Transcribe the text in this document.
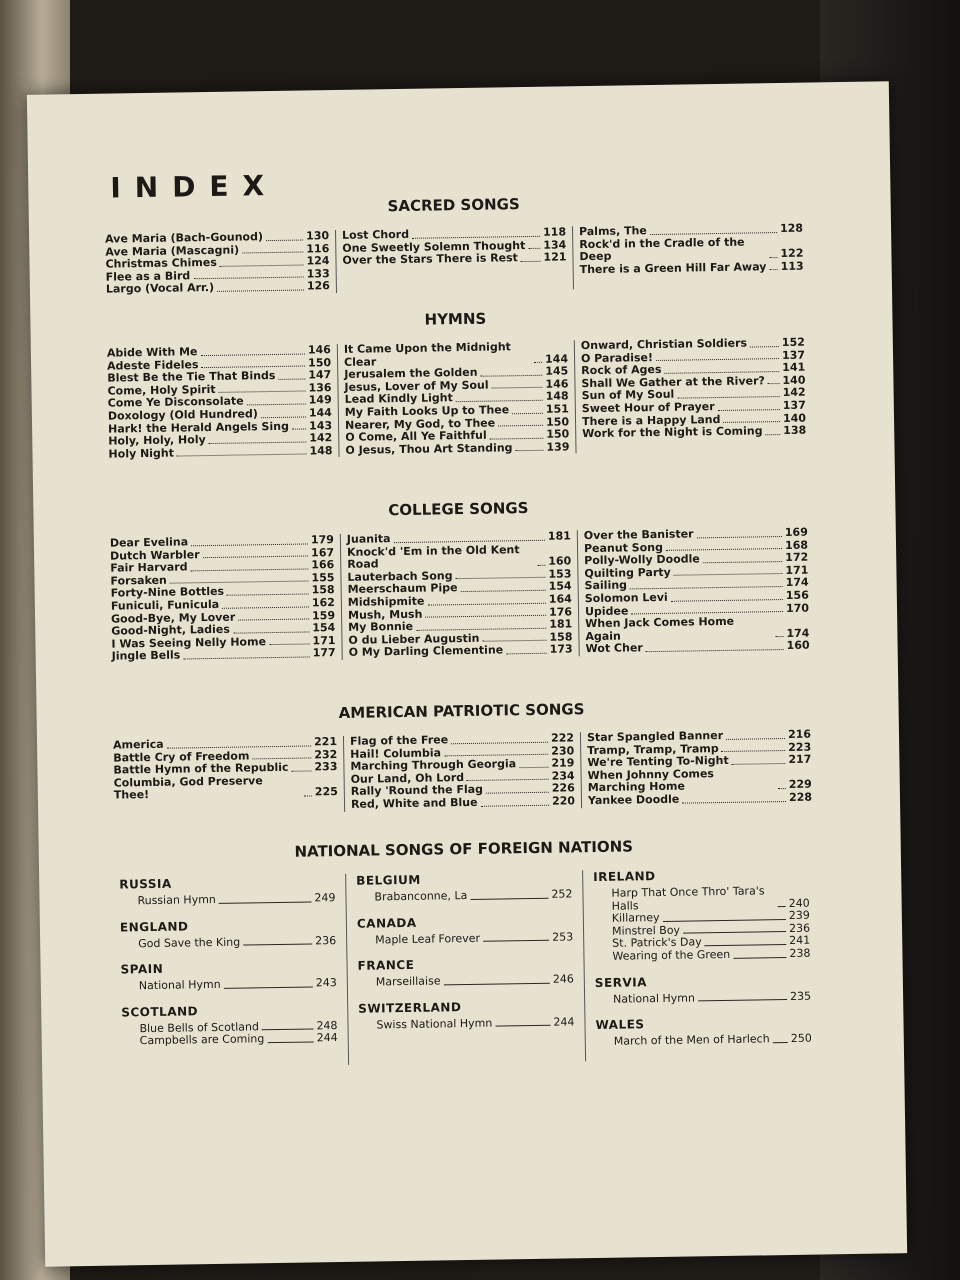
INDEX
SACRED SONGS
Ave Maria (Bach-Gounod)	130
Ave Maria (Mascagni)	116
Christmas Chimes	124
Flee as a Bird	133
Largo (Vocal Arr.)	126
Lost Chord	118
One Sweetly Solemn Thought 134
Over the Stars There is Rest 121
Palms, The	128
Rock'd in the Cradle of the Deep	122
There is a Green Hill Far Away 113
HYMNS
Abide With Me	146
Adeste Fideles	150
Blest Be the Tie That Binds	147
Come, Holy Spirit	136
Come Ye Disconsolate	149
Doxology (Old Hundred)	144
Hark! the Herald Angels Sing 143
Holy, Holy, Holy	142
Holy Night	148
It Came Upon the Midnight Clear	144
Jerusalem the Golden	145
Jesus, Lover of My Soul	146
Lead Kindly Light	148
My Faith Looks Up to Thee	151
Nearer, My God, to Thee	150
O Come, All Ye Faithful	150
O Jesus, Thou Art Standing	139
Onward, Christian Soldiers	152
O Paradise!	137
Rock of Ages	141
Shall We Gather at the River? 140
Sun of My Soul	142
Sweet Hour of Prayer	137
There is a Happy Land	140
Work for the Night is Coming 138
COLLEGE SONGS
Dear Evelina	179
Dutch Warbler	167
Fair Harvard	166
Forsaken	155
Forty-Nine Bottles	158
Funiculi, Funicula	162
Good-Bye, My Lover	159
Good-Night, Ladies	154
I Was Seeing Nelly Home	171
Jingle Bells	177
Juanita	181
Knock'd 'Em in the Old Kent Road	160
Lauterbach Song	153
Meerschaum Pipe	154
Midshipmite	164
Mush, Mush	176
My Bonnie	181
O du Lieber Augustin	158
O My Darling Clementine	173
Over the Banister	169
Peanut Song	168
Polly-Wolly Doodle	172
Quilting Party	171
Sailing	174
Solomon Levi	156
Upidee	170
When Jack Comes Home Again	174
Wot Cher	160
AMERICAN PATRIOTIC SONGS
America	221
Battle Cry of Freedom	232
Battle Hymn of the Republic 233
Columbia, God Preserve Thee!	225
Flag of the Free	222
Hail! Columbia	230
Marching Through Georgia	219
Our Land, Oh Lord	234
Rally 'Round the Flag	226
Red, White and Blue	220
Star Spangled Banner	216
Tramp, Tramp, Tramp	223
We're Tenting To-Night	217
When Johnny Comes Marching Home	229
Yankee Doodle	228
NATIONAL SONGS OF FOREIGN NATIONS
RUSSIA
Russian Hymn	249
ENGLAND
God Save the King	236
SPAIN
National Hymn	243
SCOTLAND
Blue Bells of Scotland	248
Campbells are Coming	244
BELGIUM
Brabanconne, La	252
CANADA
Maple Leaf Forever	253
FRANCE
Marseillaise	246
SWITZERLAND
Swiss National Hymn	244
IRELAND
Harp That Once Thro' Tara's Halls	240
Killarney	239
Minstrel Boy	236
St. Patrick's Day	241
Wearing of the Green	238
SERVIA
National Hymn	235
WALES
March of the Men of Harlech 250
